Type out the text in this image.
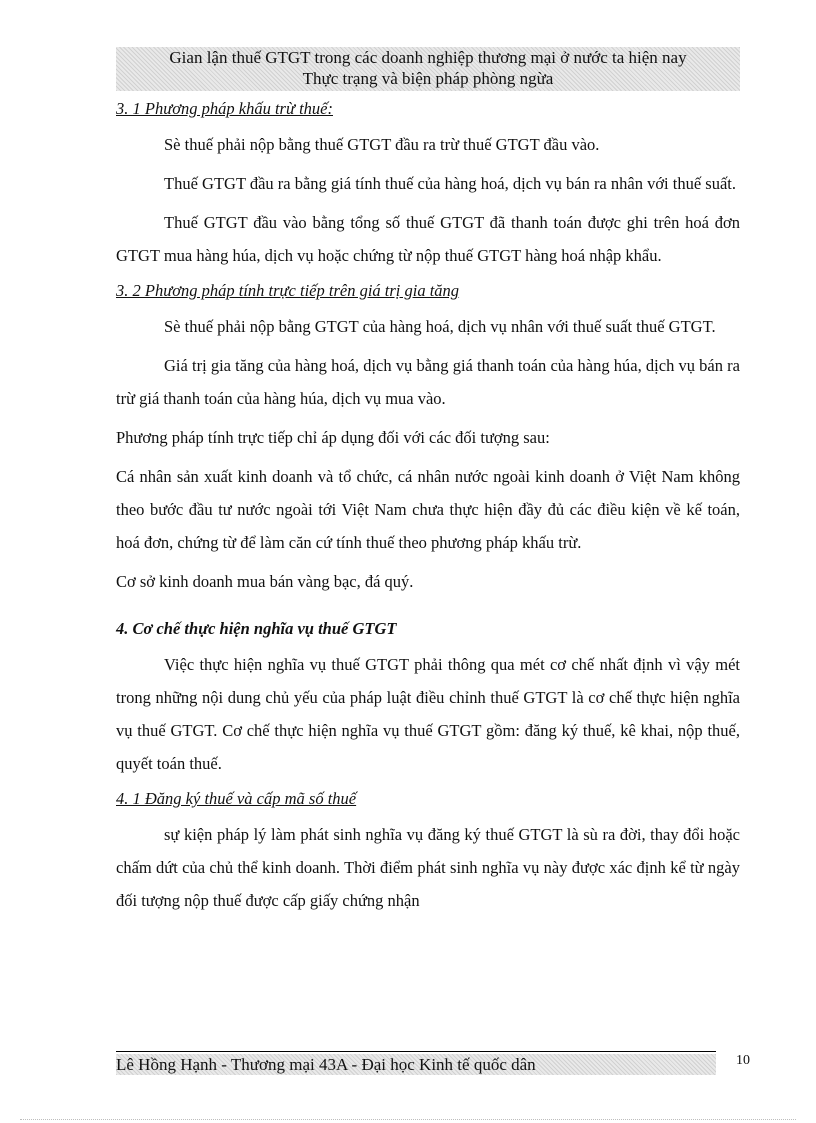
Gian lận thuế GTGT trong các doanh nghiệp thương mại ở nước ta hiện nay
Thực trạng và biện pháp phòng ngừa
3. 1 Phương pháp khấu trừ thuế:

Sè thuế phải nộp bằng thuế GTGT đầu ra trừ thuế GTGT đầu vào.

Thuế GTGT đầu ra bằng giá tính thuế của hàng hoá, dịch vụ bán ra nhân với thuế suất.

Thuế GTGT đầu vào bằng tổng số thuế GTGT đã thanh toán được ghi trên hoá đơn GTGT mua hàng húa, dịch vụ hoặc chứng từ nộp thuế GTGT hàng hoá nhập khẩu.

3. 2 Phương pháp tính trực tiếp trên giá trị gia tăng

Sè thuế phải nộp bằng GTGT của hàng hoá, dịch vụ nhân với thuế suất thuế GTGT.

Giá trị gia tăng của hàng hoá, dịch vụ bằng giá thanh toán của hàng húa, dịch vụ bán ra trừ giá thanh toán của hàng húa, dịch vụ mua vào.

Phương pháp tính trực tiếp chỉ áp dụng đối với các đối tượng sau:

Cá nhân sản xuất kinh doanh và tổ chức, cá nhân nước ngoài kinh doanh ở Việt Nam không theo bước đầu tư nước ngoài tới Việt Nam chưa thực hiện đầy đủ các điều kiện về kế toán, hoá đơn, chứng từ để làm căn cứ tính thuế theo phương pháp khấu trừ.

Cơ sở kinh doanh mua bán vàng bạc, đá quý.

4. Cơ chế thực hiện nghĩa vụ thuế GTGT

Việc thực hiện nghĩa vụ thuế GTGT phải thông qua mét cơ chế nhất định vì vậy mét trong những nội dung chủ yếu của pháp luật điều chỉnh thuế GTGT là cơ chế thực hiện nghĩa vụ thuế GTGT. Cơ chế thực hiện nghĩa vụ thuế GTGT gồm: đăng ký thuế, kê khai, nộp thuế, quyết toán thuế.

4. 1 Đăng ký thuế và cấp mã số thuế

sự kiện pháp lý làm phát sinh nghĩa vụ đăng ký thuế GTGT là sù ra đời, thay đổi hoặc chấm dứt của chủ thể kinh doanh. Thời điểm phát sinh nghĩa vụ này được xác định kể từ ngày đối tượng nộp thuế được cấp giấy chứng nhận

Lê Hồng Hạnh - Thương mại 43A - Đại học Kinh tế quốc dân	10
